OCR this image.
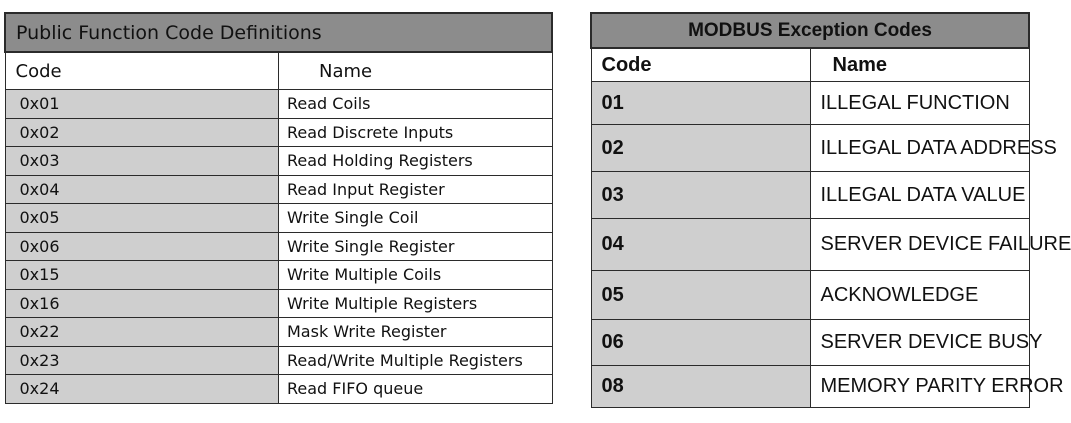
Public Function Code Definitions	
Code	Name
0x01	Read Coils
0x02	Read Discrete Inputs
0x03	Read Holding Registers
0x04	Read Input Register
0x05	Write Single Coil
0x06	Write Single Register
0x15	Write Multiple Coils
0x16	Write Multiple Registers
0x22	Mask Write Register
0x23	Read/Write Multiple Registers
0x24	Read FIFO queue
MODBUS Exception Codes	
Code	Name
01	ILLEGAL FUNCTION
02	ILLEGAL DATA ADDRESS
03	ILLEGAL DATA VALUE
04	SERVER DEVICE FAILURE
05	ACKNOWLEDGE
06	SERVER DEVICE BUSY
08	MEMORY PARITY ERROR
